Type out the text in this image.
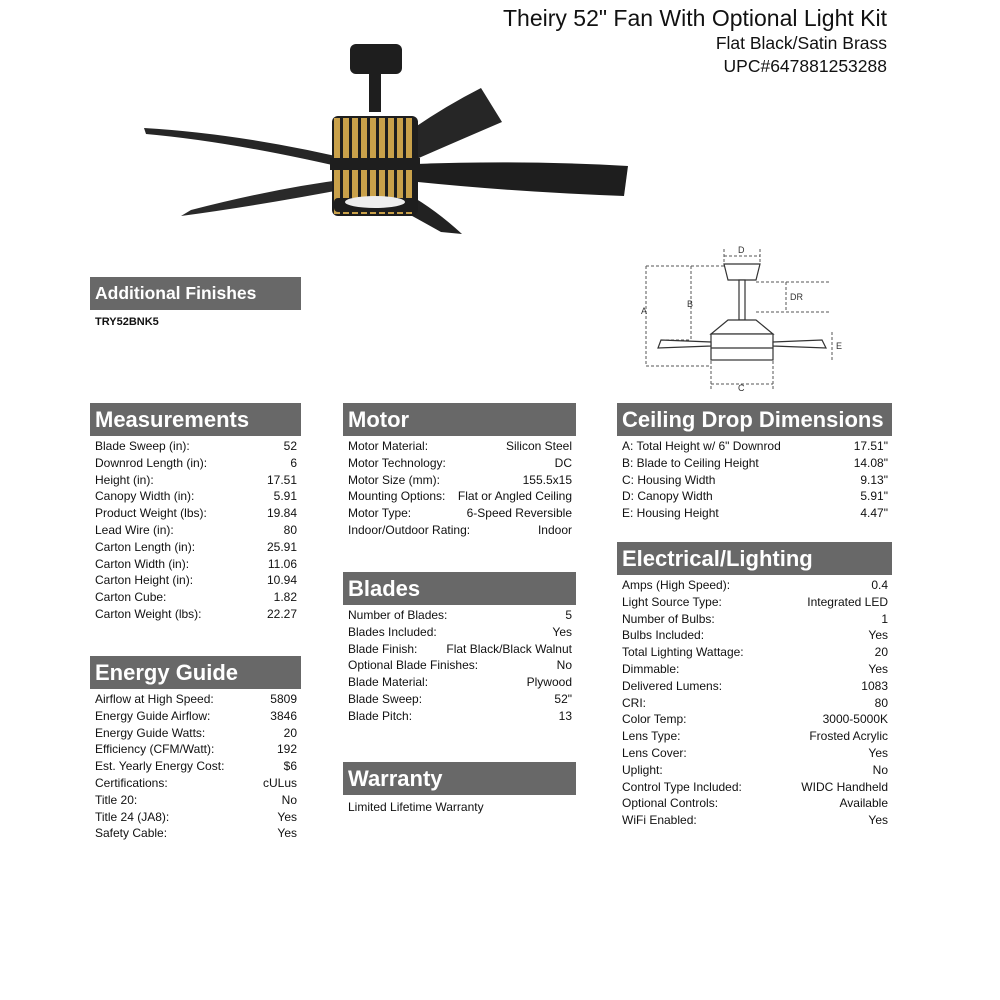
Theiry 52" Fan With Optional Light Kit
Flat Black/Satin Brass
UPC#647881253288
D
A
B
DR
E
C
Additional Finishes
TRY52BNK5
Measurements
Blade Sweep (in):	52
Downrod Length (in):	6
Height (in):	17.51
Canopy Width (in):	5.91
Product Weight (lbs):	19.84
Lead Wire (in):	80
Carton Length (in):	25.91
Carton Width (in):	11.06
Carton Height (in):	10.94
Carton Cube:	1.82
Carton Weight (lbs):	22.27
Energy Guide
Airflow at High Speed:	5809
Energy Guide Airflow:	3846
Energy Guide Watts:	20
Efficiency (CFM/Watt):	192
Est. Yearly Energy Cost:	$6
Certifications:	cULus
Title 20:	No
Title 24 (JA8):	Yes
Safety Cable:	Yes
Motor
Motor Material:	Silicon Steel
Motor Technology:	DC
Motor Size (mm):	155.5x15
Mounting Options: Flat or Angled Ceiling
Motor Type:	6-Speed Reversible
Indoor/Outdoor Rating:	Indoor
Blades
Number of Blades:	5
Blades Included:	Yes
Blade Finish: Flat Black/Black Walnut
Optional Blade Finishes:	No
Blade Material:	Plywood
Blade Sweep:	52"
Blade Pitch:	13
Warranty
Limited Lifetime Warranty
Ceiling Drop Dimensions
A: Total Height w/ 6" Downrod	17.51"
B: Blade to Ceiling Height	14.08"
C: Housing Width	9.13"
D: Canopy Width	5.91"
E: Housing Height	4.47"
Electrical/Lighting
Amps (High Speed):	0.4
Light Source Type:	Integrated LED
Number of Bulbs:	1
Bulbs Included:	Yes
Total Lighting Wattage:	20
Dimmable:	Yes
Delivered Lumens:	1083
CRI:	80
Color Temp:	3000-5000K
Lens Type:	Frosted Acrylic
Lens Cover:	Yes
Uplight:	No
Control Type Included:	WIDC Handheld
Optional Controls:	Available
WiFi Enabled:	Yes
